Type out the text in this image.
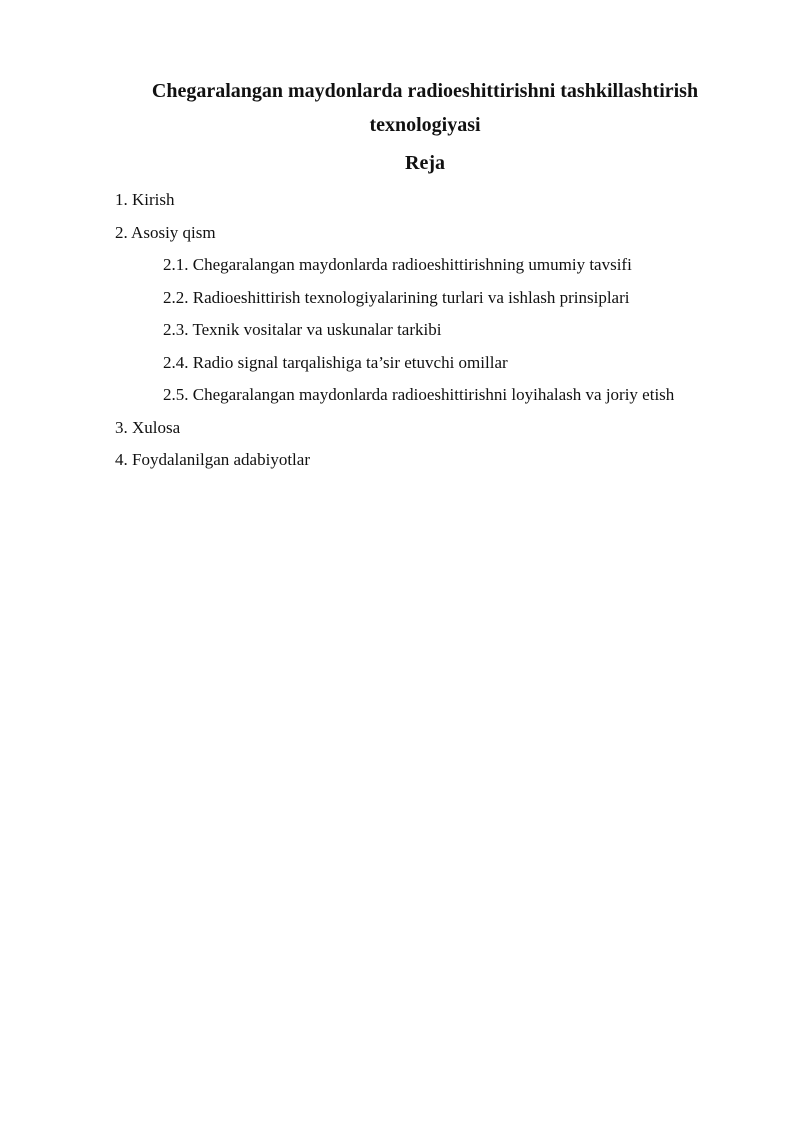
Chegaralangan maydonlarda radioeshittirishni tashkillashtirish texnologiyasi
Reja
1. Kirish
2. Asosiy qism
2.1. Chegaralangan maydonlarda radioeshittirishning umumiy tavsifi
2.2. Radioeshittirish texnologiyalarining turlari va ishlash prinsiplari
2.3. Texnik vositalar va uskunalar tarkibi
2.4. Radio signal tarqalishiga ta’sir etuvchi omillar
2.5. Chegaralangan maydonlarda radioeshittirishni loyihalash va joriy etish
3. Xulosa
4. Foydalanilgan adabiyotlar
